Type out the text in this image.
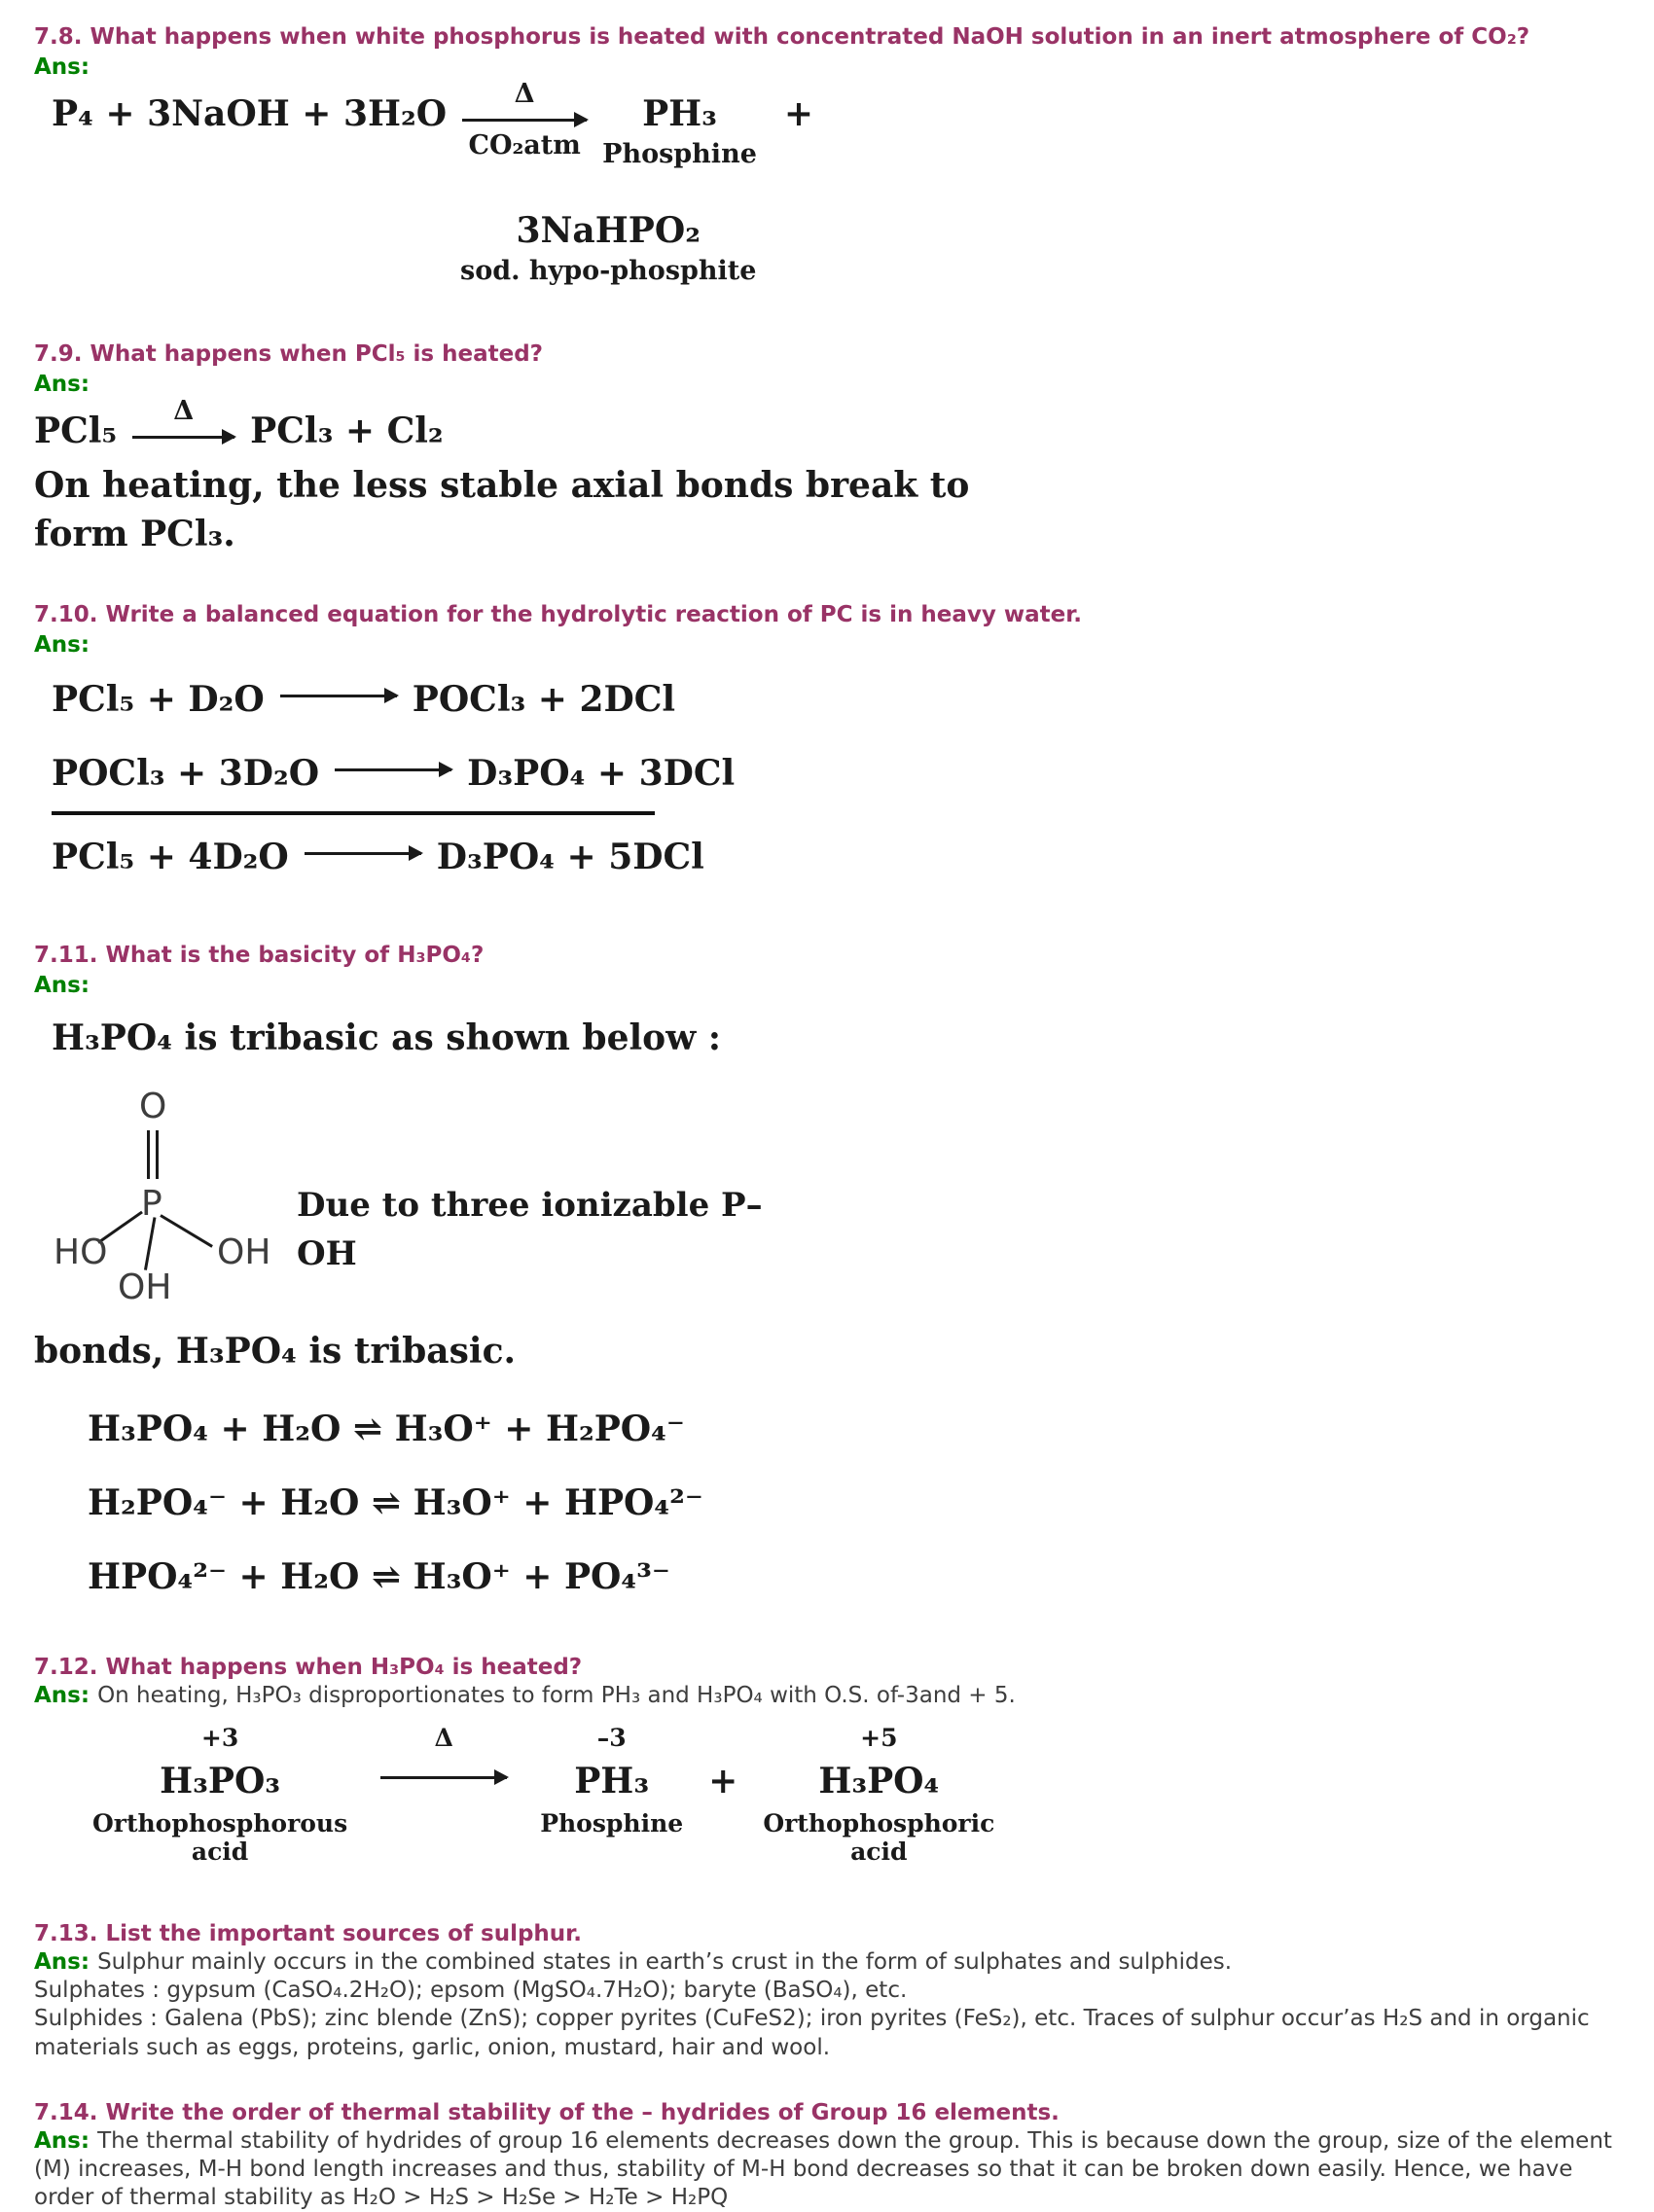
7.8. What happens when white phosphorus is heated with concentrated NaOH solution in an inert atmosphere of CO₂?
Ans:
P₄ + 3NaOH + 3H₂O	Δ
CO₂atm
PH₃
Phosphine
+
3NaHPO₂
sod. hypo-phosphite
7.9. What happens when PCl₅ is heated?
Ans:
PCl₅ Δ PCl₃ + Cl₂
On heating, the less stable axial bonds break to
form PCl₃.
7.10. Write a balanced equation for the hydrolytic reaction of PC is in heavy water.
Ans:
PCl₅ + D₂O	POCl₃ + 2DCl
POCl₃ + 3D₂O	D₃PO₄ + 3DCl
PCl₅ + 4D₂O	D₃PO₄ + 5DCl
7.11. What is the basicity of H₃PO₄?
Ans:
H₃PO₄ is tribasic as shown below :
O
P
HO	OH
OH
Due to three ionizable P–OH
bonds, H₃PO₄ is tribasic.
H₃PO₄ + H₂O ⇌ H₃O⁺ + H₂PO₄⁻
H₂PO₄⁻ + H₂O ⇌ H₃O⁺ + HPO₄²⁻
HPO₄²⁻ + H₂O ⇌ H₃O⁺ + PO₄³⁻
7.12. What happens when H₃PO₄ is heated?

Ans: On heating, H₃PO₃ disproportionates to form PH₃ and H₃PO₄ with O.S. of-3and + 5.

+3
H₃PO₃
Orthophosphorous
acid
Δ	–3
PH₃
Phosphine
+
+5
H₃PO₄
Orthophosphoric
acid
7.13. List the important sources of sulphur.

Ans: Sulphur mainly occurs in the combined states in earth’s crust in the form of sulphates and sulphides.

Sulphates : gypsum (CaSO₄.2H₂O); epsom (MgSO₄.7H₂O); baryte (BaSO₄), etc.

Sulphides : Galena (PbS); zinc blende (ZnS); copper pyrites (CuFeS2); iron pyrites (FeS₂), etc. Traces of sulphur occur’as H₂S and in organic materials such as eggs, proteins, garlic, onion, mustard, hair and wool.

7.14. Write the order of thermal stability of the – hydrides of Group 16 elements.

Ans: The thermal stability of hydrides of group 16 elements decreases down the group. This is because down the group, size of the element (M) increases, M-H bond length increases and thus, stability of M-H bond decreases so that it can be broken down easily. Hence, we have order of thermal stability as H₂O > H₂S > H₂Se > H₂Te > H₂PQ
